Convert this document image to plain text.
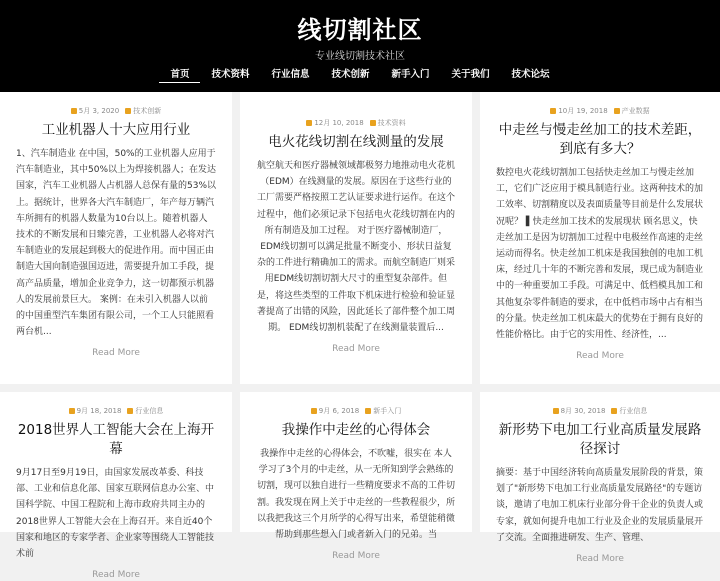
线切割社区
专业线切割技术社区
首页	技术资料	行业信息	技术创新	新手入门	关于我们	技术论坛
5月 3, 2020	技术创新
工业机器人十大应用行业

1、汽车制造业 在中国，50%的工业机器人应用于汽车制造业，其中50%以上为焊接机器人；在发达国家，汽车工业机器人占机器人总保有量的53%以上。据统计，世界各大汽车制造厂，年产每万辆汽车所拥有的机器人数量为10台以上。随着机器人技术的不断发展和日臻完善，工业机器人必将对汽车制造业的发展起到极大的促进作用。而中国正由制造大国向制造强国迈进，需要提升加工手段，提高产品质量，增加企业竞争力，这一切都预示机器人的发展前景巨大。 案例：在未引入机器人以前的中国重型汽车集团有限公司，一个工人只能照看两台机...

Read More
12月 10, 2018	技术资料
电火花线切割在线测量的发展

航空航天和医疗器械领域都极努力地推动电火花机（EDM）在线测量的发展。原因在于这些行业的工厂需要严格按照工艺认证要求进行运作。在这个过程中，他们必须记录下包括电火花线切割在内的所有制造及加工过程。 对于医疗器械制造厂，EDM线切割可以满足批量不断变小、形状日益复杂的工件进行精确加工的需求。而航空制造厂则采用EDM线切割切割大尺寸的重型复杂部件。但是，将这些类型的工件取下机床进行检验和验证显著提高了出错的风险，因此延长了部件整个加工周期。 EDM线切割机装配了在线测量装置后...

Read More
10月 19, 2018	产业数据
中走丝与慢走丝加工的技术差距，到底有多大？

数控电火花线切割加工包括快走丝加工与慢走丝加工，它们广泛应用于模具制造行业。这两种技术的加工效率、切割精度以及表面质量等目前是什么发展状况呢？ ▌快走丝加工技术的发展现状 顾名思义，快走丝加工是因为切割加工过程中电极丝作高速的走丝运动而得名。快走丝加工机床是我国独创的电加工机床，经过几十年的不断完善和发展，现已成为制造业中的一种重要加工手段。可满足中、低档模具加工和其他复杂零件制造的要求，在中低档市场中占有相当的分量。快走丝加工机床最大的优势在于拥有良好的性能价格比。由于它的实用性、经济性，...

Read More
9月 18, 2018	行业信息
2018世界人工智能大会在上海开幕

9月17日至9月19日，由国家发展改革委、科技部、工业和信息化部、国家互联网信息办公室、中国科学院、中国工程院和上海市政府共同主办的2018世界人工智能大会在上海召开。来自近40个国家和地区的专家学者、企业家等围绕人工智能技术前

Read More
9月 6, 2018	新手入门
我操作中走丝的心得体会

我操作中走丝的心得体会，不吹嘘，很实在 本人学习了3个月的中走丝，从一无所知到学会熟练的切割，现可以独自进行一些精度要求不高的工件切割。我发现在网上关于中走丝的一些教程很少，所以我把我这三个月所学的心得写出来，希望能稍微帮助到那些想入门或者新入门的兄弟。当

Read More
8月 30, 2018	行业信息
新形势下电加工行业高质量发展路径探讨

摘要：基于中国经济转向高质量发展阶段的背景，策划了"新形势下电加工行业高质量发展路径"的专题访谈，邀请了电加工机床行业部分骨干企业的负责人或专家，就如何提升电加工行业及企业的发展质量展开了交流。全面推进研发、生产、管理、

Read More
